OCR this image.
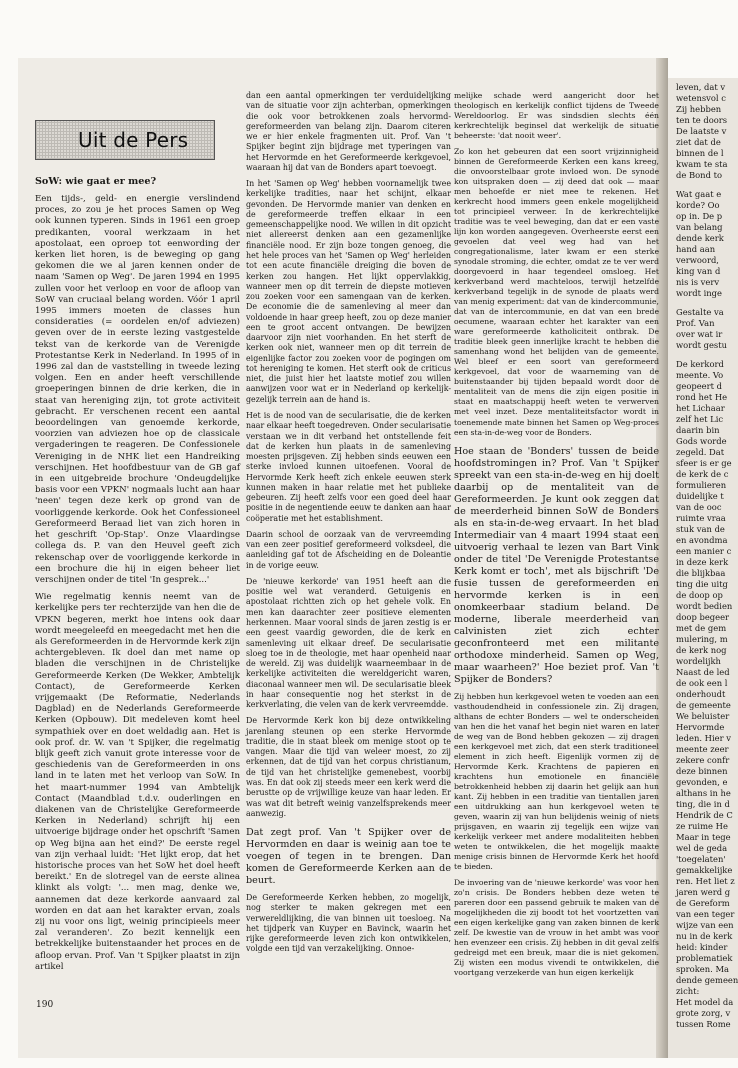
leven, dat v
wetensvol c
Zij hebben
ten te doors
De laatste v
ziet dat de
binnen de l
kwam te sta
de Bond to
Wat gaat e
korde? Oo
op in. De p
van belang
dende kerk
hand aan
verwoord,
king van d
nis is verv
wordt inge
Gestalte va
Prof. Van
over wat ir
wordt gestu
De kerkord
meente. Vo
geopeert d
rond het He
het Lichaar
zelf het Lic
daarin bin
Gods worde
zegeld. Dat
sfeer is er ge
de kerk de c
formulieren
duidelijke t
van de ooc
ruimte vraa
stuk van de
en avondma
een manier c
in deze kerk
die blijkbaa
ting die uitg
de doop op
wordt bedien
doop begeer
met de gem
mulering, m
de kerk nog
wordelijkh
Naast de led
de ook een l
onderhoudt
de gemeente
We beluister
Hervormde
leden. Hier v
meente zeer
zekere confr
deze binnen
gevonden, e
althans in he
ting, die in d
Hendrik de C
ze ruime He
Maar in tege
wel de geda
'toegelaten'
gemakkelijke
ren. Het liet z
jaren werd g
de Gereform
van een teger
wijze van een
nu in de kerk
heid: kinder
problematiek
sproken. Ma
dende gemeen
zicht:
Het model da
grote zorg, v
tussen Rome
Uit de Pers

SoW: wie gaat er mee?

Een tijds-, geld- en energie verslindend proces, zo zou je het proces Samen op Weg ook kunnen typeren. Sinds in 1961 een groep predikanten, vooral werkzaam in het apostolaat, een oproep tot eenwording der kerken liet horen, is de beweging op gang gekomen die we al jaren kennen onder de naam 'Samen op Weg'. De jaren 1994 en 1995 zullen voor het verloop en voor de afloop van SoW van cruciaal belang worden. Vóór 1 april 1995 immers moeten de classes hun consideraties (= oordelen en/of adviezen) geven over de in eerste lezing vastgestelde tekst van de kerkorde van de Verenigde Protestantse Kerk in Nederland. In 1995 of in 1996 zal dan de vaststelling in tweede lezing volgen. Een en ander heeft verschillende groeperingen binnen de drie kerken, die in staat van hereniging zijn, tot grote activiteit gebracht. Er verschenen recent een aantal beoordelingen van genoemde kerkorde, voorzien van adviezen hoe op de classicale vergaderingen te reageren. De Confessionele Vereniging in de NHK liet een Handreiking verschijnen. Het hoofdbestuur van de GB gaf in een uitgebreide brochure 'Ondeugdelijke basis voor een VPKN' nogmaals lucht aan haar 'neen' tegen deze kerk op grond van de voorliggende kerkorde. Ook het Confessioneel Gereformeerd Beraad liet van zich horen in het geschrift 'Op-Stap'. Onze Vlaardingse collega ds. P. van den Heuvel geeft zich rekenschap over de voorliggende kerkorde in een brochure die hij in eigen beheer liet verschijnen onder de titel 'In gesprek...'

Wie regelmatig kennis neemt van de kerkelijke pers ter rechterzijde van hen die de VPKN begeren, merkt hoe intens ook daar wordt meegeleefd en meegedacht met hen die als Gereformeerden in de Hervormde kerk zijn achtergebleven. Ik doel dan met name op bladen die verschijnen in de Christelijke Gereformeerde Kerken (De Wekker, Ambtelijk Contact), de Gereformeerde Kerken vrijgemaakt (De Reformatie, Nederlands Dagblad) en de Nederlands Gereformeerde Kerken (Opbouw). Dit medeleven komt heel sympathiek over en doet weldadig aan. Het is ook prof. dr. W. van 't Spijker, die regelmatig blijk geeft zich vanuit grote interesse voor de geschiedenis van de Gereformeerden in ons land in te laten met het verloop van SoW. In het maart-nummer 1994 van Ambtelijk Contact (Maandblad t.d.v. ouderlingen en diakenen van de Christelijke Gereformeerde Kerken in Nederland) schrijft hij een uitvoerige bijdrage onder het opschrift 'Samen op Weg bijna aan het eind?' De eerste regel van zijn verhaal luidt: 'Het lijkt erop, dat het historische proces van het SoW het doel heeft bereikt.' En de slotregel van de eerste alinea klinkt als volgt: '... men mag, denke we, aannemen dat deze kerkorde aanvaard zal worden en dat aan het karakter ervan, zoals zij nu voor ons ligt, weinig principieels meer zal veranderen'. Zo bezit kennelijk een betrekkelijke buitenstaander het proces en de afloop ervan. Prof. Van 't Spijker plaatst in zijn artikel

dan een aantal opmerkingen ter verduidelijking van de situatie voor zijn achterban, opmerkingen die ook voor betrokkenen zoals hervormd-gereformeerden van belang zijn. Daarom citeren we er hier enkele fragmenten uit. Prof. Van 't Spijker begint zijn bijdrage met typeringen van het Hervormde en het Gereformeerde kerkgevoel, waaraan hij dat van de Bonders apart toevoegt.

In het 'Samen op Weg' hebben voornamelijk twee kerkelijke tradities, naar het schijnt, elkaar gevonden. De Hervormde manier van denken en de gereformeerde treffen elkaar in een gemeenschappelijke nood. We willen in dit opzicht niet allereerst denken aan een gezamenlijke financiële nood. Er zijn boze tongen genoeg, die het hele proces van het 'Samen op Weg' herleiden tot een acute financiële dreiging die boven de kerken zou hangen. Het lijkt oppervlakkig, wanneer men op dit terrein de diepste motieven zou zoeken voor een samengaan van de kerken. De economie die de samenleving al meer dan voldoende in haar greep heeft, zou op deze manier een te groot accent ontvangen. De bewijzen daarvoor zijn niet voorhanden. En het sterft de kerken ook niet, wanneer men op dit terrein de eigenlijke factor zou zoeken voor de pogingen om tot hereniging te komen. Het sterft ook de criticus niet, die juist hier het laatste motief zou willen aanwijzen voor wat er in Nederland op kerkelijk-gezelijk terrein aan de hand is.

Het is de nood van de secularisatie, die de kerken naar elkaar heeft toegedreven. Onder secularisatie verstaan we in dit verband het ontstellende feit dat de kerken hun plaats in de samenleving moesten prijsgeven. Zij hebben sinds eeuwen een sterke invloed kunnen uitoefenen. Vooral de Hervormde Kerk heeft zich enkele eeuwen sterk kunnen maken in haar relatie met het publieke gebeuren. Zij heeft zelfs voor een goed deel haar positie in de negentiende eeuw te danken aan haar coöperatie met het establishment.

Daarin school de oorzaak van de vervreemding van een zeer positief gereformeerd volksdeel, die aanleiding gaf tot de Afscheiding en de Doleantie in de vorige eeuw.

De 'nieuwe kerkorde' van 1951 heeft aan die positie wel wat veranderd. Getuigenis en apostolaat richtten zich op het gehele volk. En men kan daarachter zeer positieve elementen herkennen. Maar vooral sinds de jaren zestig is er een geest vaardig geworden, die de kerk en samenleving uit elkaar dreef. De secularisatie sloeg toe in de theologie, met haar openheid naar de wereld. Zij was duidelijk waarneembaar in de kerkelijke activiteiten die wereldgericht waren, diaconaal wanneer men wil. De secularisatie bleek in haar consequentie nog het sterkst in de kerkverlating, die velen van de kerk vervreemdde.

De Hervormde Kerk kon bij deze ontwikkeling jarenlang steunen op een sterke Hervormde traditie, die in staat bleek om menige stoot op te vangen. Maar die tijd van weleer moest, zo zij erkennen, dat de tijd van het corpus christianum, de tijd van het christelijke gemenebest, voorbij was. En dat ook zij steeds meer een kerk werd die berustte op de vrijwillige keuze van haar leden. Er was wat dit betreft weinig vanzelfsprekends meer aanwezig.

Dat zegt prof. Van 't Spijker over de Hervormden en daar is weinig aan toe te voegen of tegen in te brengen. Dan komen de Gereformeerde Kerken aan de beurt.

De Gereformeerde Kerken hebben, zo mogelijk, nog sterker te maken gekregen met een verwereldlijking, die van binnen uit toesloeg. Na het tijdperk van Kuyper en Bavinck, waarin het rijke gereformeerde leven zich kon ontwikkelen, volgde een tijd van verzakelijking. Onnoe-

melijke schade werd aangericht door het theologisch en kerkelijk conflict tijdens de Tweede Wereldoorlog. Er was sindsdien slechts één kerkrechtelijk beginsel dat werkelijk de situatie beheerste: 'dat nooit weer'.

Zo kon het gebeuren dat een soort vrijzinnigheid binnen de Gereformeerde Kerken een kans kreeg, die onvoorstelbaar grote invloed won. De synode kon uitspraken doen — zij deed dat ook — maar men behoefde er niet mee te rekenen. Het kerkrecht hood immers geen enkele mogelijkheid tot principieel verweer. In de kerkrechtelijke traditie was te veel beweging, dan dat er een vaste lijn kon worden aangegeven. Overheerste eerst een gevoelen dat veel weg had van het congregationalisme, later kwam er een sterke synodale stroming, die echter, omdat ze te ver werd doorgevoerd in haar tegendeel omsloeg. Het kerkverband werd machteloos, terwijl hetzelfde kerkverband tegelijk in de synode de plaats werd van menig experiment: dat van de kindercommunie, dat van de intercommunie, en dat van een brede oecumene, waaraan echter het karakter van een ware gereformeerde katholiciteit ontbrak. De traditie bleek geen innerlijke kracht te hebben die samenhang wond het belijden van de gemeente. Wel bleef er een soort van gereformeerd kerkgevoel, dat voor de waarneming van de buitenstaander bij tijden bepaald wordt door de mentaliteit van de mens die zijn eigen positie in staat en maatschappij heeft weten te verwerven met veel inzet. Deze mentaliteitsfactor wordt in toenemende mate binnen het Samen op Weg-proces een sta-in-de-weg voor de Bonders.

Hoe staan de 'Bonders' tussen de beide hoofdstromingen in? Prof. Van 't Spijker spreekt van een sta-in-de-weg en hij doelt daarbij op de mentaliteit van de Gereformeerden. Je kunt ook zeggen dat de meerderheid binnen SoW de Bonders als en sta-in-de-weg ervaart. In het blad Intermediair van 4 maart 1994 staat een uitvoerig verhaal te lezen van Bart Vink onder de titel 'De Verenigde Protestantse Kerk komt er toch', met als bijschrift 'De fusie tussen de gereformeerden en hervormde kerken is in een onomkeerbaar stadium beland. De moderne, liberale meerderheid van calvinisten ziet zich echter geconfronteerd met een militante orthodoxe minderheid. Samen op Weg, maar waarheen?' Hoe beziet prof. Van 't Spijker de Bonders?

Zij hebben hun kerkgevoel weten te voeden aan een vasthoudendheid in confessionele zin. Zij dragen, althans de echter Bonders — wel te onderscheiden van hen die het vanaf het begin niet waren en later de weg van de Bond hebben gekozen — zij dragen een kerkgevoel met zich, dat een sterk traditioneel element in zich heeft. Eigenlijk vormen zij de Hervormde Kerk. Krachtens de papieren en krachtens hun emotionele en financiële betrokkenheid hebben zij daarin het gelijk aan hun kant. Zij hebben in een traditie van tientallen jaren een uitdrukking aan hun kerkgevoel weten te geven, waarin zij van hun belijdenis weinig of niets prijsgaven, en waarin zij tegelijk een wijze van kerkelijk verkeer met andere modaliteiten hebben weten te ontwikkelen, die het mogelijk maakte menige crisis binnen de Hervormde Kerk het hoofd te bieden.

De invoering van de 'nieuwe kerkorde' was voor hen zo'n crisis. De Bonders hebben deze weten te pareren door een passend gebruik te maken van de mogelijkheden die zij boodt tot het voortzetten van een eigen kerkelijke gang van zaken binnen de kerk zelf. De kwestie van de vrouw in het ambt was voor hen evenzeer een crisis. Zij hebben in dit geval zelfs gedreigd met een breuk, maar die is niet gekomen. Zij wisten een modus vivendi te ontwikkelen, die voortgang verzekerde van hun eigen kerkelijk

190
